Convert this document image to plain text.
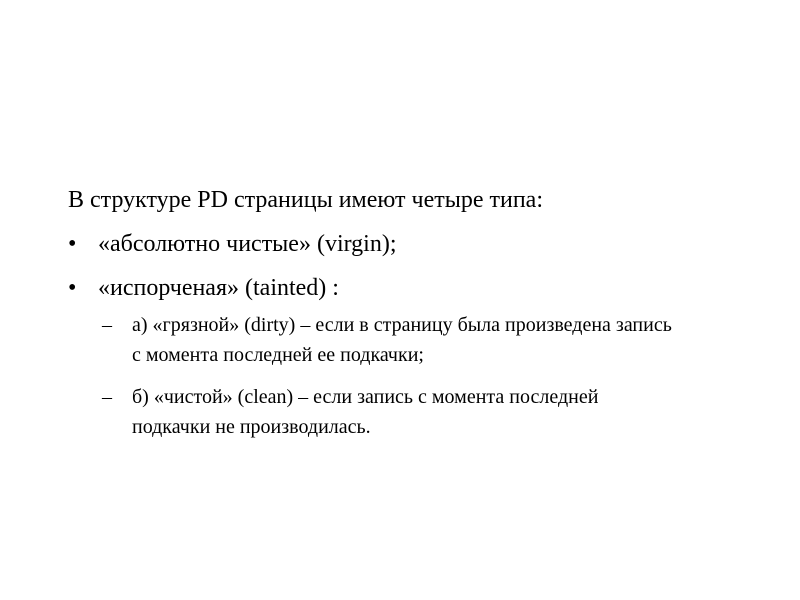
В структуре PD страницы имеют четыре типа:

• «абсолютно чистые» (virgin);
• «испорченая» (tainted) :
– а) «грязной» (dirty) – если в страницу была произведена запись с момента последней ее подкачки;
– б) «чистой» (clean) – если запись с момента последней подкачки не производилась.
